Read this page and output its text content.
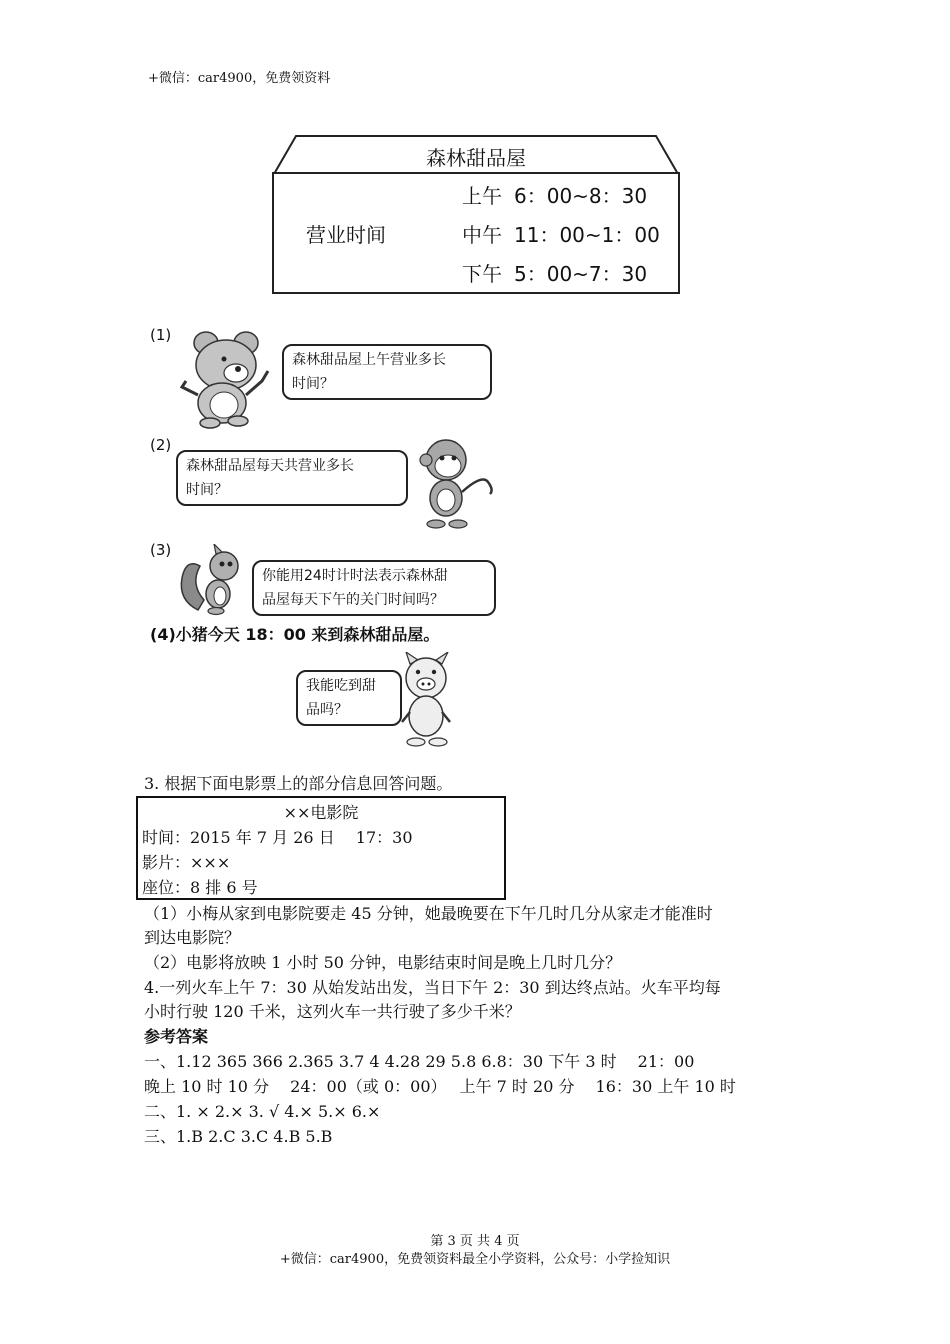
+微信：car4900，免费领资料
森林甜品屋
营业时间
上午 6：00~8：30
中午 11：00~1：00
下午 5：00~7：30
(1)
森林甜品屋上午营业多长
时间？
(2)
森林甜品屋每天共营业多长
时间？
(3)
你能用24时计时法表示森林甜
品屋每天下午的关门时间吗？
(4)小猪今天 18：00 来到森林甜品屋。
我能吃到甜
品吗？
3. 根据下面电影票上的部分信息回答问题。
××电影院
时间：2015 年 7 月 26 日　 17：30
影片：×××
座位：8 排 6 号
（1）小梅从家到电影院要走 45 分钟，她最晚要在下午几时几分从家走才能准时
到达电影院？
（2）电影将放映 1 小时 50 分钟，电影结束时间是晚上几时几分？
4.一列火车上午 7：30 从始发站出发，当日下午 2：30 到达终点站。火车平均每
小时行驶 120 千米，这列火车一共行驶了多少千米？
参考答案
一、1.12 365 366 2.365 3.7 4 4.28 29 5.8 6.8：30 下午 3 时　 21：00
晚上 10 时 10 分　 24：00（或 0：00）　 上午 7 时 20 分　 16：30 上午 10 时
二、1. × 2.× 3. √ 4.× 5.× 6.×
三、1.B 2.C 3.C 4.B 5.B
第 3 页 共 4 页
+微信：car4900，免费领资料最全小学资料，公众号：小学捡知识
